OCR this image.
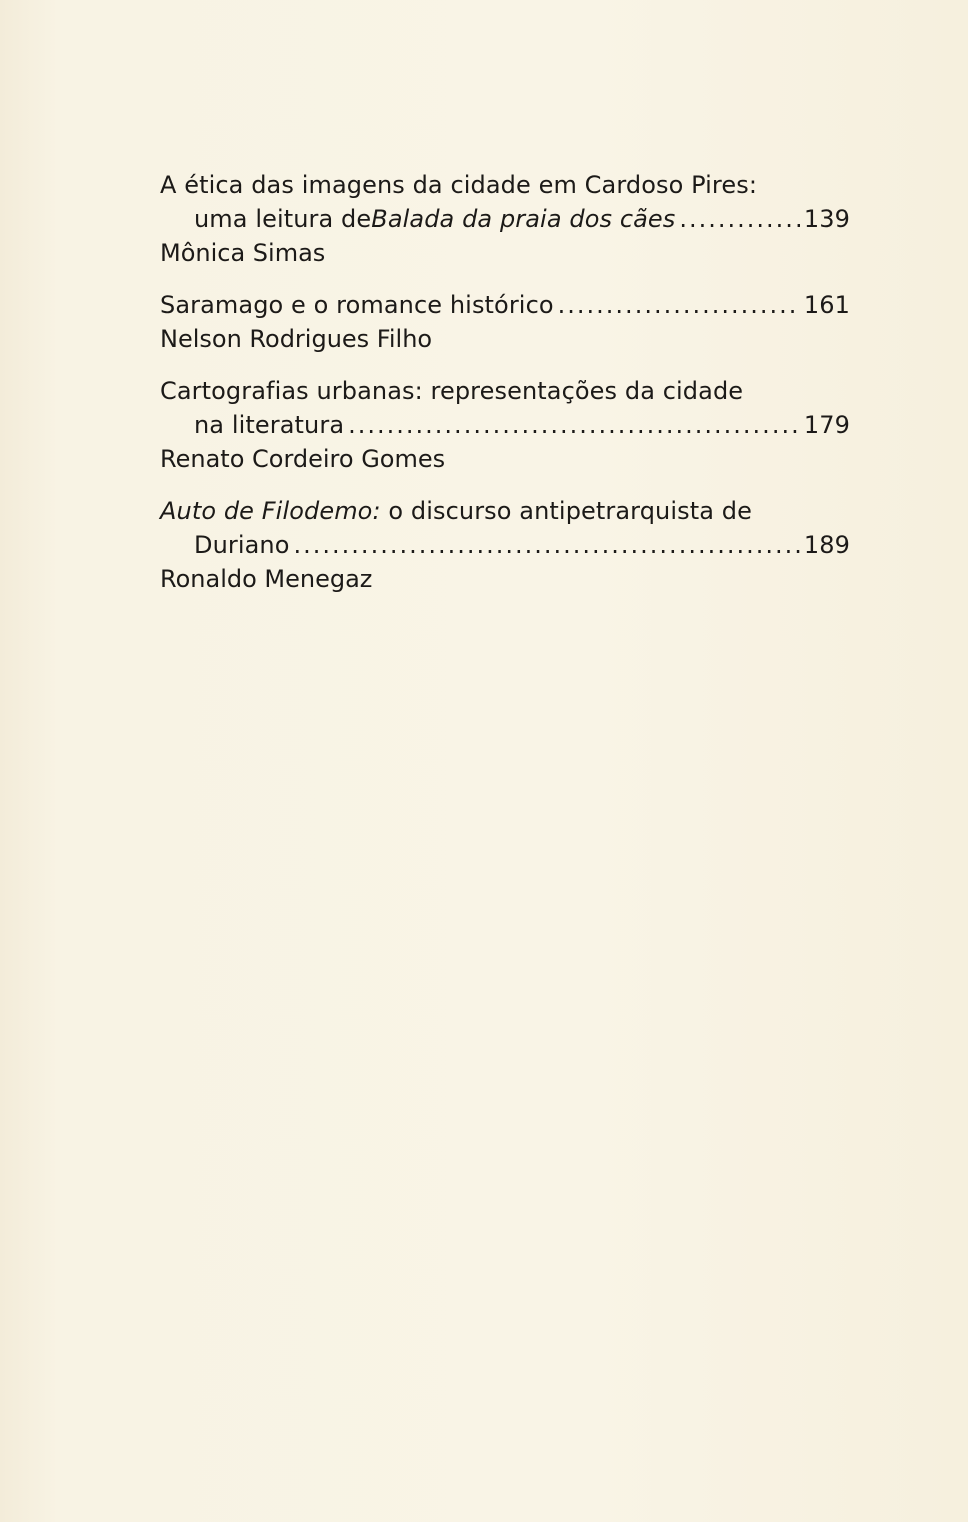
A ética das imagens da cidade em Cardoso Pires:
uma leitura de Balada da praia dos cães .....	139
Mônica Simas
Saramago e o romance histórico .....	161
Nelson Rodrigues Filho
Cartografias urbanas: representações da cidade
na literatura .....	179
Renato Cordeiro Gomes
Auto de Filodemo: o discurso antipetrarquista de
Duriano .....	189
Ronaldo Menegaz
